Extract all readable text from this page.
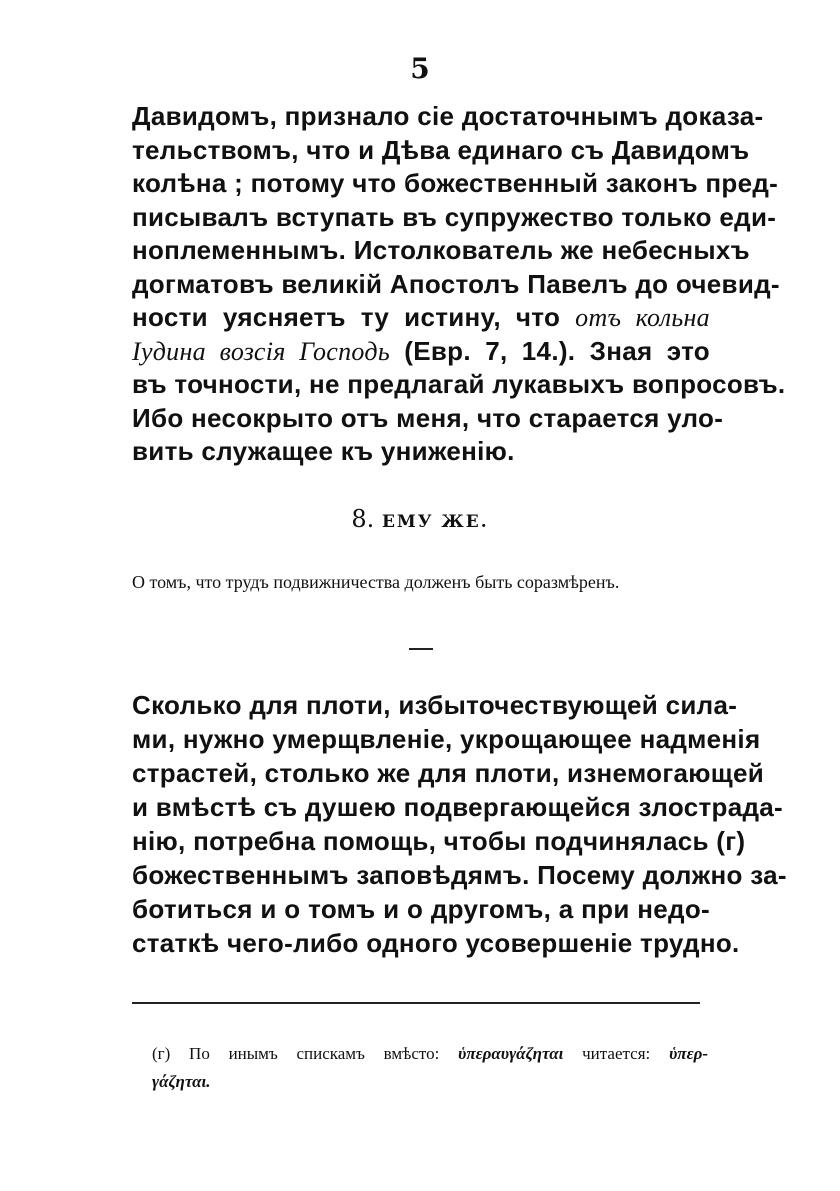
5
Давидомъ, признало сіе достаточнымъ доказа-
тельствомъ, что и Дѣва единаго съ Давидомъ
колѣна ; потому что божественный законъ пред-
писывалъ вступать въ супружество только еди-
ноплеменнымъ. Истолкователь же небесныхъ
догматовъ великій Апостолъ Павелъ до очевид-
ности уясняетъ ту истину, что отъ кольна
Іудина возсія Господь (Евр. 7, 14.). Зная это
въ точности, не предлагай лукавыхъ вопросовъ.
Ибо несокрыто отъ меня, что старается уло-
вить служащее къ униженію.
8. ЕМУ ЖЕ.
О томъ, что трудъ подвижничества долженъ быть соразмѣренъ.
Сколько для плоти, избыточествующей сила-
ми, нужно умерщвленіе, укрощающее надменія
страстей, столько же для плоти, изнемогающей
и вмѣстѣ съ душею подвергающейся злострада-
нію, потребна помощь, чтобы подчинялась (г)
божественнымъ заповѣдямъ. Посему должно за-
ботиться и о томъ и о другомъ, а при недо-
статкѣ чего-либо одного усовершеніе трудно.
(г) По инымъ спискамъ вмѣсто: ὑπεραυγάζηται читается: ὑπερ-
γάζηται.
